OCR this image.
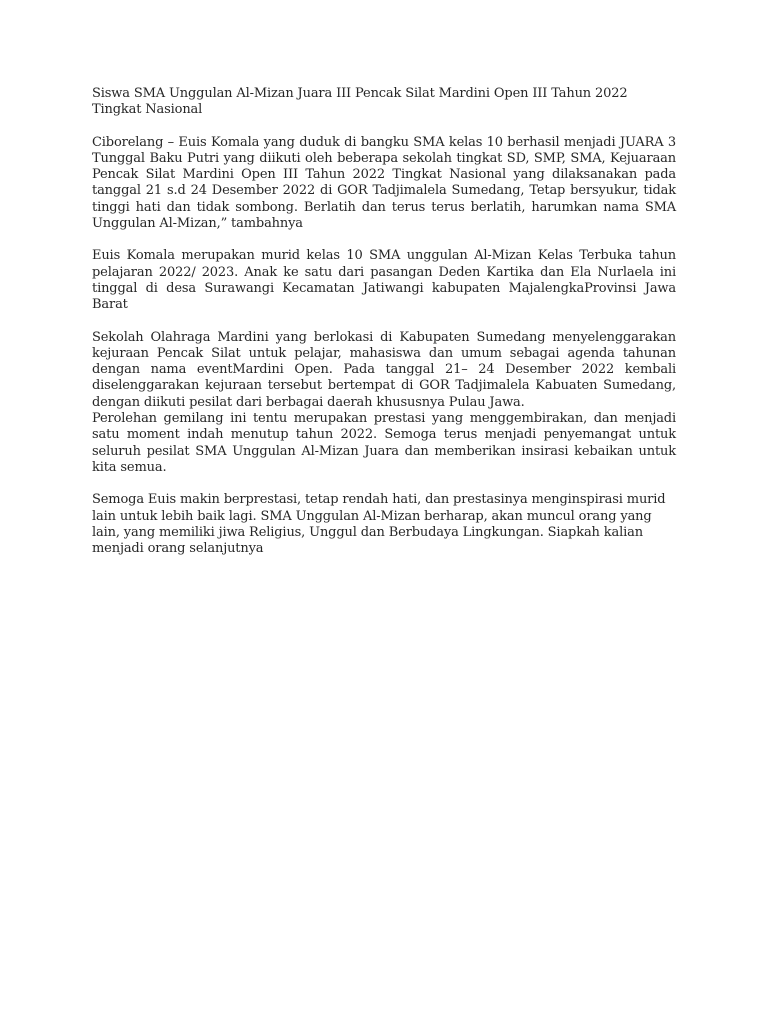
Siswa SMA Unggulan Al-Mizan Juara III Pencak Silat Mardini Open III Tahun 2022 Tingkat Nasional

Ciborelang – Euis Komala yang duduk di bangku SMA kelas 10 berhasil menjadi JUARA 3 Tunggal Baku Putri yang diikuti oleh beberapa sekolah tingkat SD, SMP, SMA, Kejuaraan Pencak Silat Mardini Open III Tahun 2022 Tingkat Nasional yang dilaksanakan pada tanggal 21 s.d 24 Desember 2022 di GOR Tadjimalela Sumedang, Tetap bersyukur, tidak tinggi hati dan tidak sombong. Berlatih dan terus terus berlatih, harumkan nama SMA Unggulan Al-Mizan,” tambahnya

Euis Komala merupakan murid kelas 10 SMA unggulan Al-Mizan Kelas Terbuka tahun pelajaran 2022/ 2023. Anak ke satu dari pasangan Deden Kartika dan Ela Nurlaela ini tinggal di desa Surawangi Kecamatan Jatiwangi kabupaten MajalengkaProvinsi Jawa Barat

Sekolah Olahraga Mardini yang berlokasi di Kabupaten Sumedang menyelenggarakan kejuraan Pencak Silat untuk pelajar, mahasiswa dan umum sebagai agenda tahunan dengan nama eventMardini Open. Pada tanggal 21– 24 Desember 2022 kembali diselenggarakan kejuraan tersebut bertempat di GOR Tadjimalela Kabuaten Sumedang, dengan diikuti pesilat dari berbagai daerah khususnya Pulau Jawa.

Perolehan gemilang ini tentu merupakan prestasi yang menggembirakan, dan menjadi satu moment indah menutup tahun 2022. Semoga terus menjadi penyemangat untuk seluruh pesilat SMA Unggulan Al-Mizan Juara dan memberikan insirasi kebaikan untuk kita semua.

Semoga Euis makin berprestasi, tetap rendah hati, dan prestasinya menginspirasi murid lain untuk lebih baik lagi. SMA Unggulan Al-Mizan berharap, akan muncul orang yang lain, yang memiliki jiwa Religius, Unggul dan Berbudaya Lingkungan. Siapkah kalian menjadi orang selanjutnya
